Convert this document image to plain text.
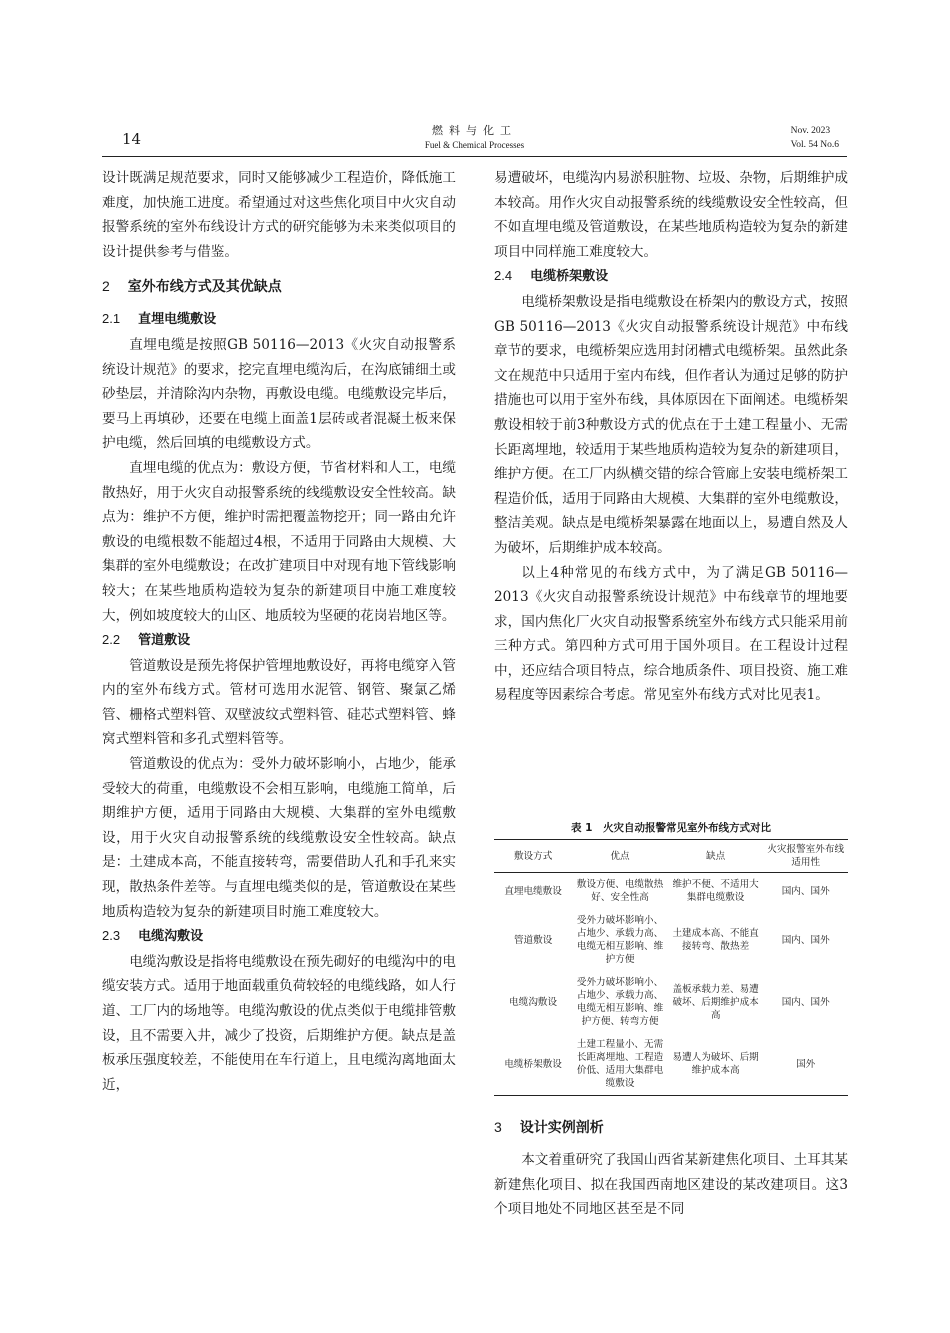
14	燃料与化工
Fuel & Chemical Processes
Nov. 2023
Vol. 54 No.6

设计既满足规范要求，同时又能够减少工程造价，降低施工难度，加快施工进度。希望通过对这些焦化项目中火灾自动报警系统的室外布线设计方式的研究能够为未来类似项目的设计提供参考与借鉴。

2 室外布线方式及其优缺点
2.1 直埋电缆敷设

直埋电缆是按照GB 50116—2013《火灾自动报警系统设计规范》的要求，挖完直埋电缆沟后，在沟底铺细土或砂垫层，并清除沟内杂物，再敷设电缆。电缆敷设完毕后，要马上再填砂，还要在电缆上面盖1层砖或者混凝土板来保护电缆，然后回填的电缆敷设方式。

直埋电缆的优点为：敷设方便，节省材料和人工，电缆散热好，用于火灾自动报警系统的线缆敷设安全性较高。缺点为：维护不方便，维护时需把覆盖物挖开；同一路由允许敷设的电缆根数不能超过4根，不适用于同路由大规模、大集群的室外电缆敷设；在改扩建项目中对现有地下管线影响较大；在某些地质构造较为复杂的新建项目中施工难度较大，例如坡度较大的山区、地质较为坚硬的花岗岩地区等。

2.2 管道敷设

管道敷设是预先将保护管埋地敷设好，再将电缆穿入管内的室外布线方式。管材可选用水泥管、钢管、聚氯乙烯管、栅格式塑料管、双壁波纹式塑料管、硅芯式塑料管、蜂窝式塑料管和多孔式塑料管等。

管道敷设的优点为：受外力破坏影响小，占地少，能承受较大的荷重，电缆敷设不会相互影响，电缆施工简单，后期维护方便，适用于同路由大规模、大集群的室外电缆敷设，用于火灾自动报警系统的线缆敷设安全性较高。缺点是：土建成本高，不能直接转弯，需要借助人孔和手孔来实现，散热条件差等。与直埋电缆类似的是，管道敷设在某些地质构造较为复杂的新建项目时施工难度较大。

2.3 电缆沟敷设

电缆沟敷设是指将电缆敷设在预先砌好的电缆沟中的电缆安装方式。适用于地面载重负荷较轻的电缆线路，如人行道、工厂内的场地等。电缆沟敷设的优点类似于电缆排管敷设，且不需要入井，减少了投资，后期维护方便。缺点是盖板承压强度较差，不能使用在车行道上，且电缆沟离地面太近，

易遭破坏，电缆沟内易淤积脏物、垃圾、杂物，后期维护成本较高。用作火灾自动报警系统的线缆敷设安全性较高，但不如直埋电缆及管道敷设，在某些地质构造较为复杂的新建项目中同样施工难度较大。

2.4 电缆桥架敷设

电缆桥架敷设是指电缆敷设在桥架内的敷设方式，按照GB 50116—2013《火灾自动报警系统设计规范》中布线章节的要求，电缆桥架应选用封闭槽式电缆桥架。虽然此条文在规范中只适用于室内布线，但作者认为通过足够的防护措施也可以用于室外布线，具体原因在下面阐述。电缆桥架敷设相较于前3种敷设方式的优点在于土建工程量小、无需长距离埋地，较适用于某些地质构造较为复杂的新建项目，维护方便。在工厂内纵横交错的综合管廊上安装电缆桥架工程造价低，适用于同路由大规模、大集群的室外电缆敷设，整洁美观。缺点是电缆桥架暴露在地面以上，易遭自然及人为破坏，后期维护成本较高。

以上4种常见的布线方式中，为了满足GB 50116—2013《火灾自动报警系统设计规范》中布线章节的埋地要求，国内焦化厂火灾自动报警系统室外布线方式只能采用前三种方式。第四种方式可用于国外项目。在工程设计过程中，还应结合项目特点，综合地质条件、项目投资、施工难易程度等因素综合考虑。常见室外布线方式对比见表1。

表 1　火灾自动报警常见室外布线方式对比
敷设方式	优点	缺点	火灾报警室外布线适用性
直埋电缆敷设	敷设方便、电缆散热好、安全性高	维护不便、不适用大集群电缆敷设	国内、国外
管道敷设	受外力破坏影响小、占地少、承载力高、电缆无相互影响、维护方便	土建成本高、不能直接转弯、散热差	国内、国外
电缆沟敷设	受外力破坏影响小、占地少、承载力高、电缆无相互影响、维护方便、转弯方便	盖板承载力差、易遭破坏、后期维护成本高	国内、国外
电缆桥架敷设	土建工程量小、无需长距离埋地、工程造价低、适用大集群电缆敷设	易遭人为破坏、后期维护成本高	国外
3 设计实例剖析

本文着重研究了我国山西省某新建焦化项目、土耳其某新建焦化项目、拟在我国西南地区建设的某改建项目。这3个项目地处不同地区甚至是不同
